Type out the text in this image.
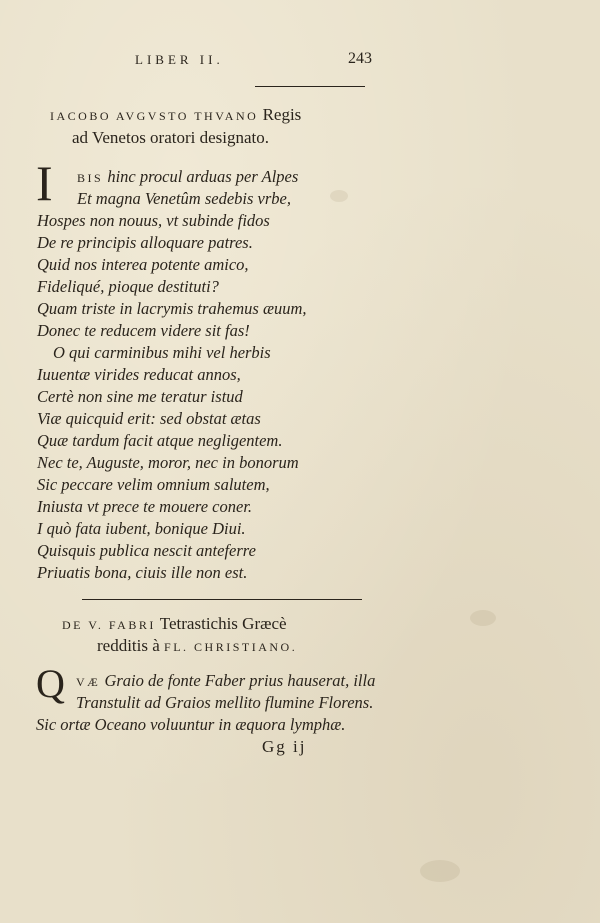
LIBER II.	243
IACOBO AVGVSTO THVANO Regis
ad Venetos oratori designato.
I	BIS hinc procul arduas per Alpes
Et magna Venetûm sedebis vrbe,
Hospes non nouus, vt subinde fidos
De re principis alloquare patres.
Quid nos interea potente amico,
Fideliqué, pioque destituti?
Quam triste in lacrymis trahemus æuum,
Donec te reducem videre sit fas!
O qui carminibus mihi vel herbis
Iuuentæ virides reducat annos,
Certè non sine me teratur istud
Viæ quicquid erit: sed obstat ætas
Quæ tardum facit atque negligentem.
Nec te, Auguste, moror, nec in bonorum
Sic peccare velim omnium salutem,
Iniusta vt prece te mouere coner.
I quò fata iubent, bonique Diui.
Quisquis publica nescit anteferre
Priuatis bona, ciuis ille non est.
DE V. FABRI Tetrastichis Græcè
redditis à FL. CHRISTIANO.
Q VÆ Graio de fonte Faber prius hauserat, illa
Transtulit ad Graios mellito flumine Florens.
Sic ortæ Oceano voluuntur in æquora lymphæ.
Gg ij
